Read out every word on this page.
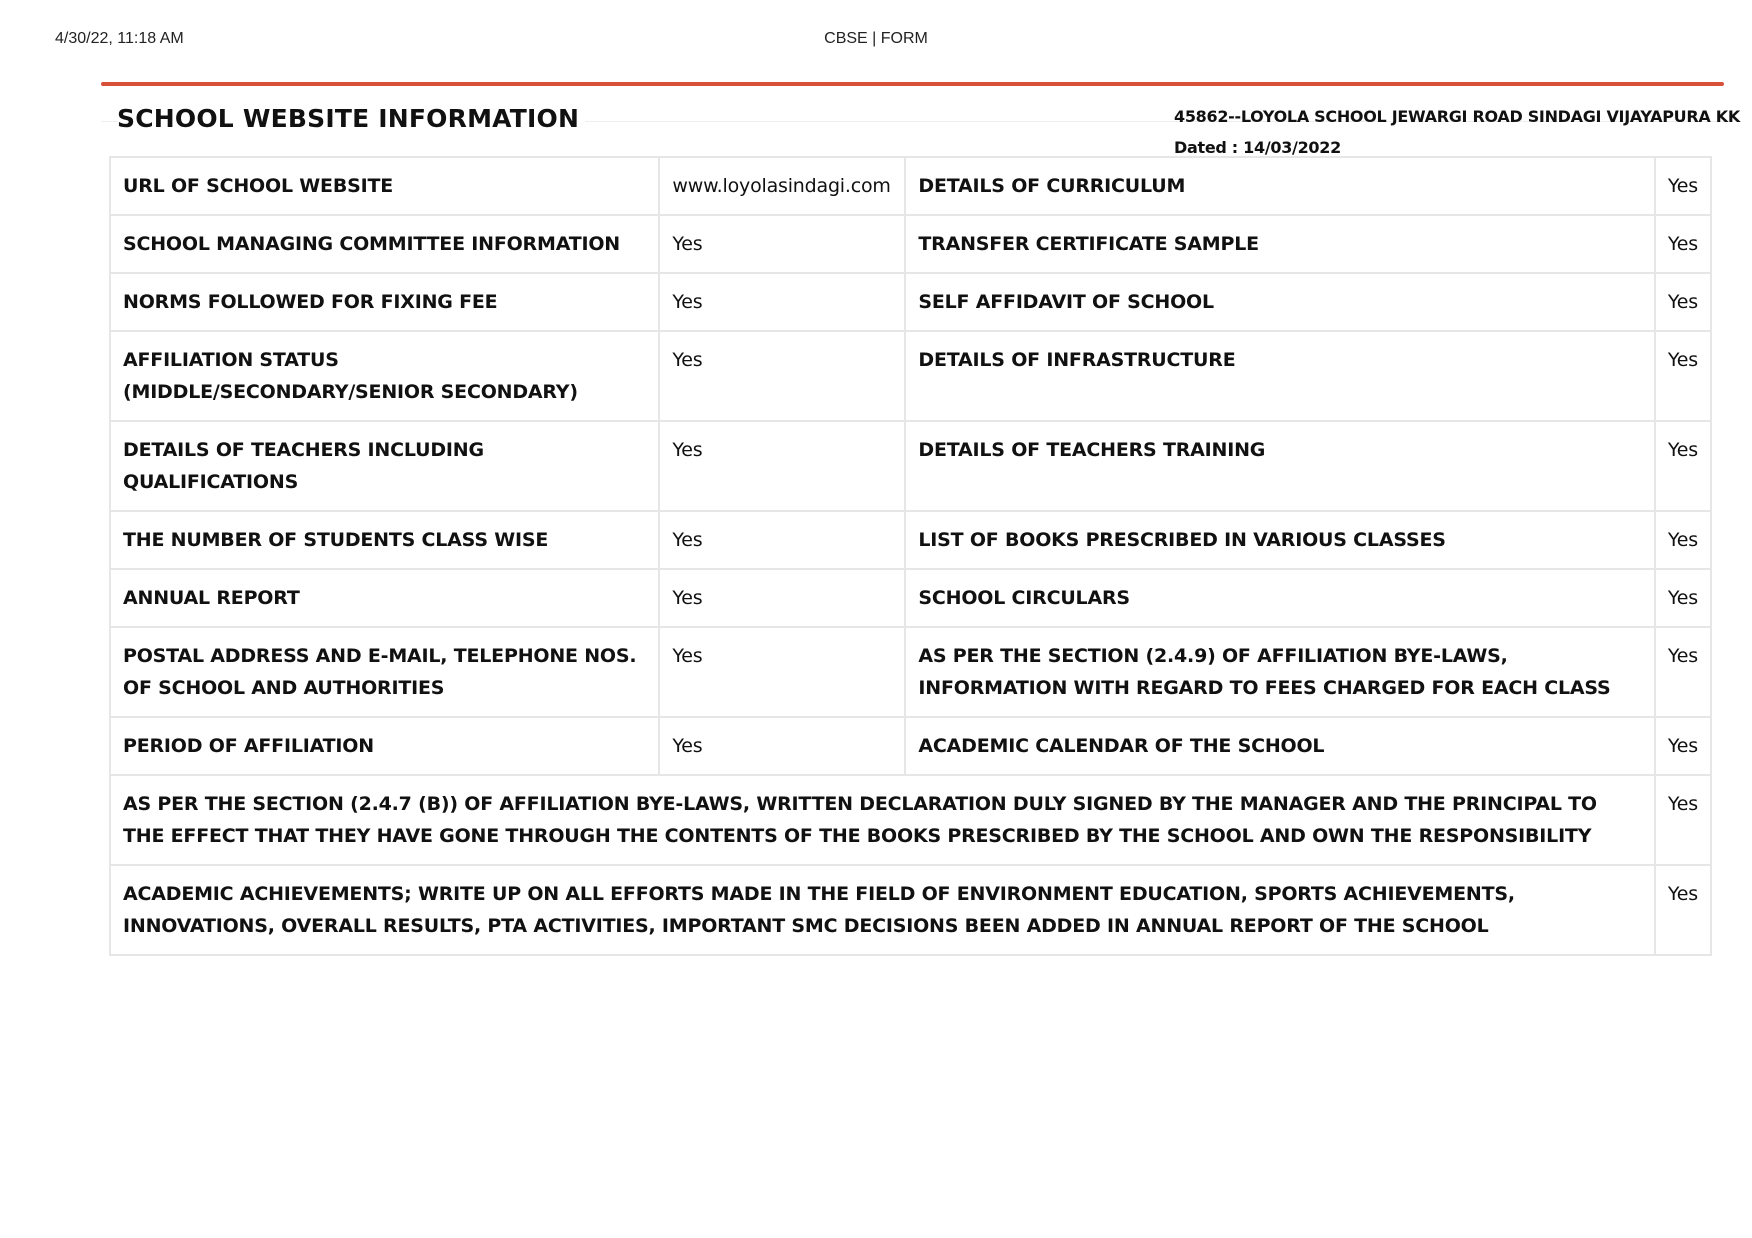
4/30/22, 11:18 AM	CBSE | FORM
SCHOOL WEBSITE INFORMATION	45862--LOYOLA SCHOOL JEWARGI ROAD SINDAGI VIJAYAPURA KK
Dated : 14/03/2022
URL OF SCHOOL WEBSITE	www.loyolasindagi.com	DETAILS OF CURRICULUM	Yes
SCHOOL MANAGING COMMITTEE INFORMATION	Yes	TRANSFER CERTIFICATE SAMPLE	Yes
NORMS FOLLOWED FOR FIXING FEE	Yes	SELF AFFIDAVIT OF SCHOOL	Yes
AFFILIATION STATUS (MIDDLE/SECONDARY/SENIOR SECONDARY)	Yes	DETAILS OF INFRASTRUCTURE	Yes
DETAILS OF TEACHERS INCLUDING QUALIFICATIONS	Yes	DETAILS OF TEACHERS TRAINING	Yes
THE NUMBER OF STUDENTS CLASS WISE	Yes	LIST OF BOOKS PRESCRIBED IN VARIOUS CLASSES	Yes
ANNUAL REPORT	Yes	SCHOOL CIRCULARS	Yes
POSTAL ADDRESS AND E-MAIL, TELEPHONE NOS. OF SCHOOL AND AUTHORITIES	Yes	AS PER THE SECTION (2.4.9) OF AFFILIATION BYE-LAWS, INFORMATION WITH REGARD TO FEES CHARGED FOR EACH CLASS	Yes
PERIOD OF AFFILIATION	Yes	ACADEMIC CALENDAR OF THE SCHOOL	Yes
AS PER THE SECTION (2.4.7 (B)) OF AFFILIATION BYE-LAWS, WRITTEN DECLARATION DULY SIGNED BY THE MANAGER AND THE PRINCIPAL TO THE EFFECT THAT THEY HAVE GONE THROUGH THE CONTENTS OF THE BOOKS PRESCRIBED BY THE SCHOOL AND OWN THE RESPONSIBILITY			Yes
ACADEMIC ACHIEVEMENTS; WRITE UP ON ALL EFFORTS MADE IN THE FIELD OF ENVIRONMENT EDUCATION, SPORTS ACHIEVEMENTS, INNOVATIONS, OVERALL RESULTS, PTA ACTIVITIES, IMPORTANT SMC DECISIONS BEEN ADDED IN ANNUAL REPORT OF THE SCHOOL			Yes
